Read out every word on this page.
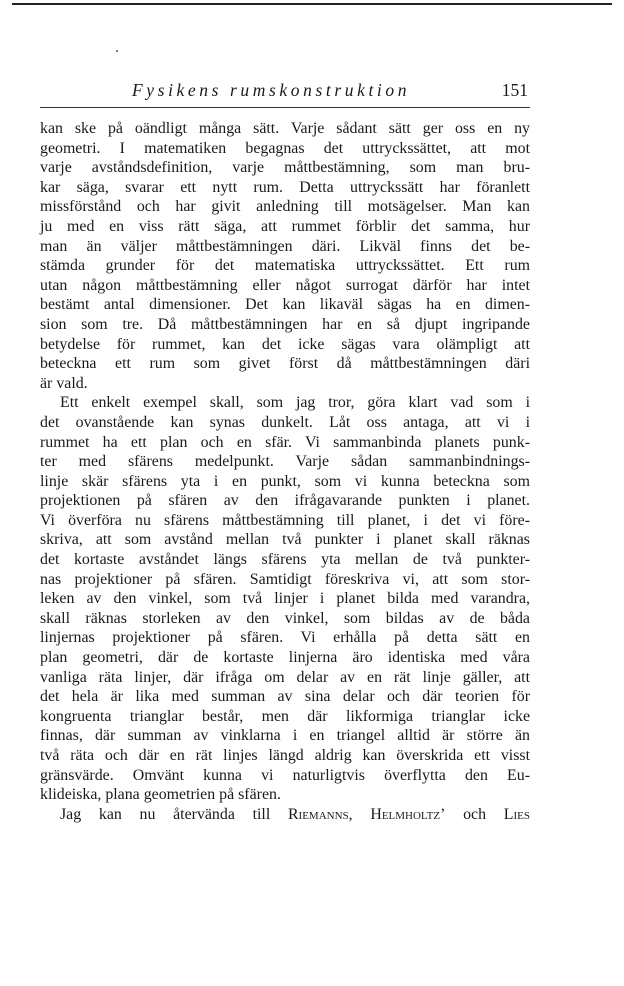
Fysikens rumskonstruktion	151
kan ske på oändligt många sätt. Varje sådant sätt ger oss en ny
geometri. I matematiken begagnas det uttryckssättet, att mot
varje avståndsdefinition, varje måttbestämning, som man bru-
kar säga, svarar ett nytt rum. Detta uttryckssätt har föranlett
missförstånd och har givit anledning till motsägelser. Man kan
ju med en viss rätt säga, att rummet förblir det samma, hur
man än väljer måttbestämningen däri. Likväl finns det be-
stämda grunder för det matematiska uttryckssättet. Ett rum
utan någon måttbestämning eller något surrogat därför har intet
bestämt antal dimensioner. Det kan likaväl sägas ha en dimen-
sion som tre. Då måttbestämningen har en så djupt ingripande
betydelse för rummet, kan det icke sägas vara olämpligt att
beteckna ett rum som givet först då måttbestämningen däri
är vald.
Ett enkelt exempel skall, som jag tror, göra klart vad som i
det ovanstående kan synas dunkelt. Låt oss antaga, att vi i
rummet ha ett plan och en sfär. Vi sammanbinda planets punk-
ter med sfärens medelpunkt. Varje sådan sammanbindnings-
linje skär sfärens yta i en punkt, som vi kunna beteckna som
projektionen på sfären av den ifrågavarande punkten i planet.
Vi överföra nu sfärens måttbestämning till planet, i det vi före-
skriva, att som avstånd mellan två punkter i planet skall räknas
det kortaste avståndet längs sfärens yta mellan de två punkter-
nas projektioner på sfären. Samtidigt föreskriva vi, att som stor-
leken av den vinkel, som två linjer i planet bilda med varandra,
skall räknas storleken av den vinkel, som bildas av de båda
linjernas projektioner på sfären. Vi erhålla på detta sätt en
plan geometri, där de kortaste linjerna äro identiska med våra
vanliga räta linjer, där ifråga om delar av en rät linje gäller, att
det hela är lika med summan av sina delar och där teorien för
kongruenta trianglar består, men där likformiga trianglar icke
finnas, där summan av vinklarna i en triangel alltid är större än
två räta och där en rät linjes längd aldrig kan överskrida ett visst
gränsvärde. Omvänt kunna vi naturligtvis överflytta den Eu-
klideiska, plana geometrien på sfären.
Jag kan nu återvända till Riemanns, Helmholtz’ och Lies
